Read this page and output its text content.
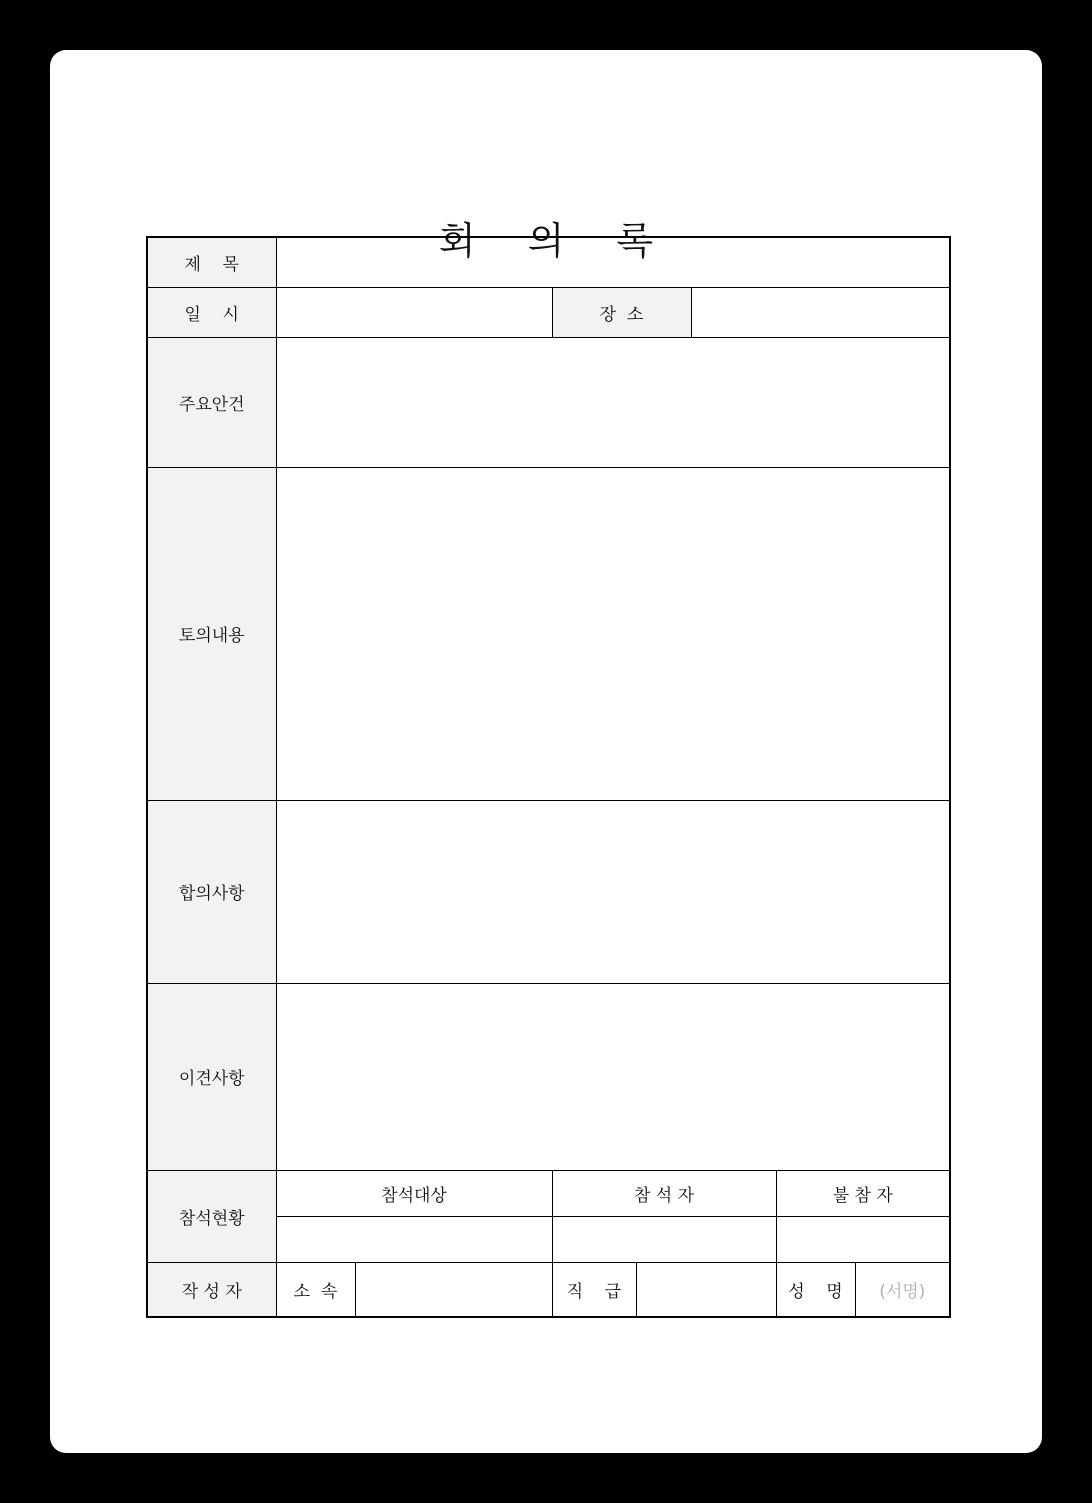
회 의 록
제    목							
일    시			장  소				
주요안건							
토의내용							
합의사항							
이견사항							
참석현황	참석대상		참 석 자			불 참 자	

작 성 자	소  속		직    급			성    명	(서명)
